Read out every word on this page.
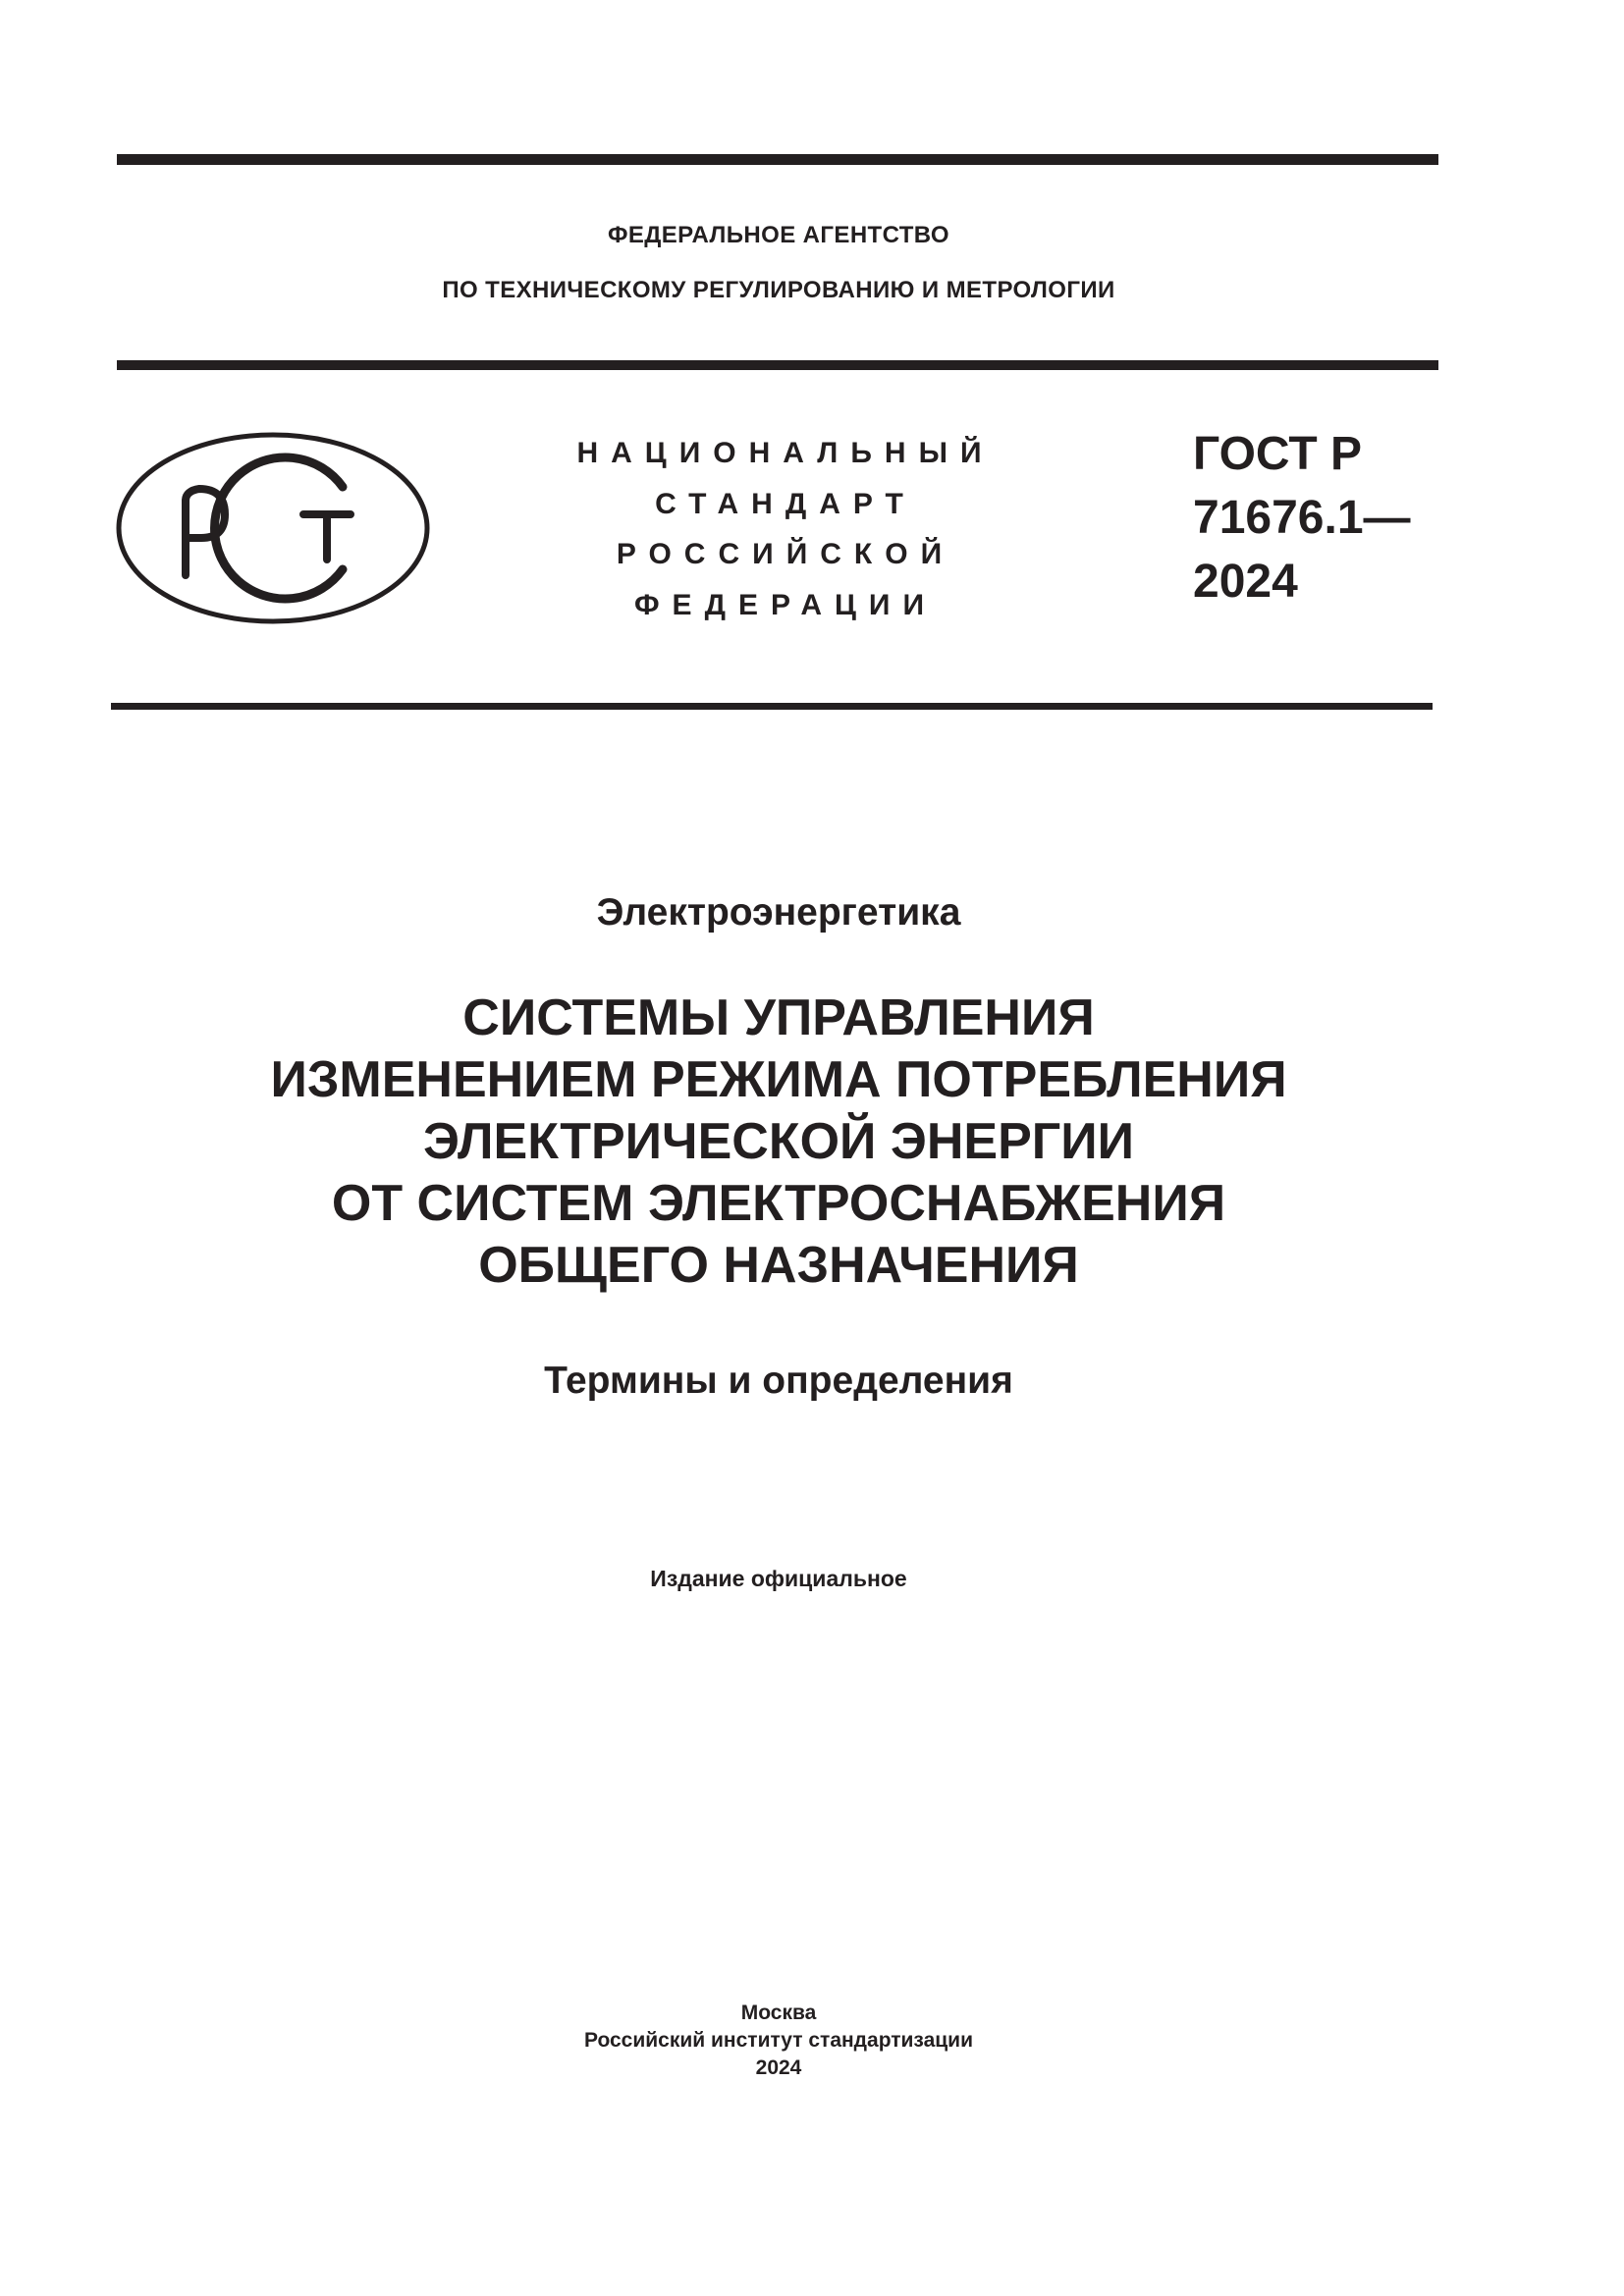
ФЕДЕРАЛЬНОЕ АГЕНТСТВО
ПО ТЕХНИЧЕСКОМУ РЕГУЛИРОВАНИЮ И МЕТРОЛОГИИ
НАЦИОНАЛЬНЫЙ
СТАНДАРТ
РОССИЙСКОЙ
ФЕДЕРАЦИИ
ГОСТ Р
71676.1—
2024
Электроэнергетика
СИСТЕМЫ УПРАВЛЕНИЯ
ИЗМЕНЕНИЕМ РЕЖИМА ПОТРЕБЛЕНИЯ
ЭЛЕКТРИЧЕСКОЙ ЭНЕРГИИ
ОТ СИСТЕМ ЭЛЕКТРОСНАБЖЕНИЯ
ОБЩЕГО НАЗНАЧЕНИЯ
Термины и определения
Издание официальное
Москва
Российский институт стандартизации
2024
